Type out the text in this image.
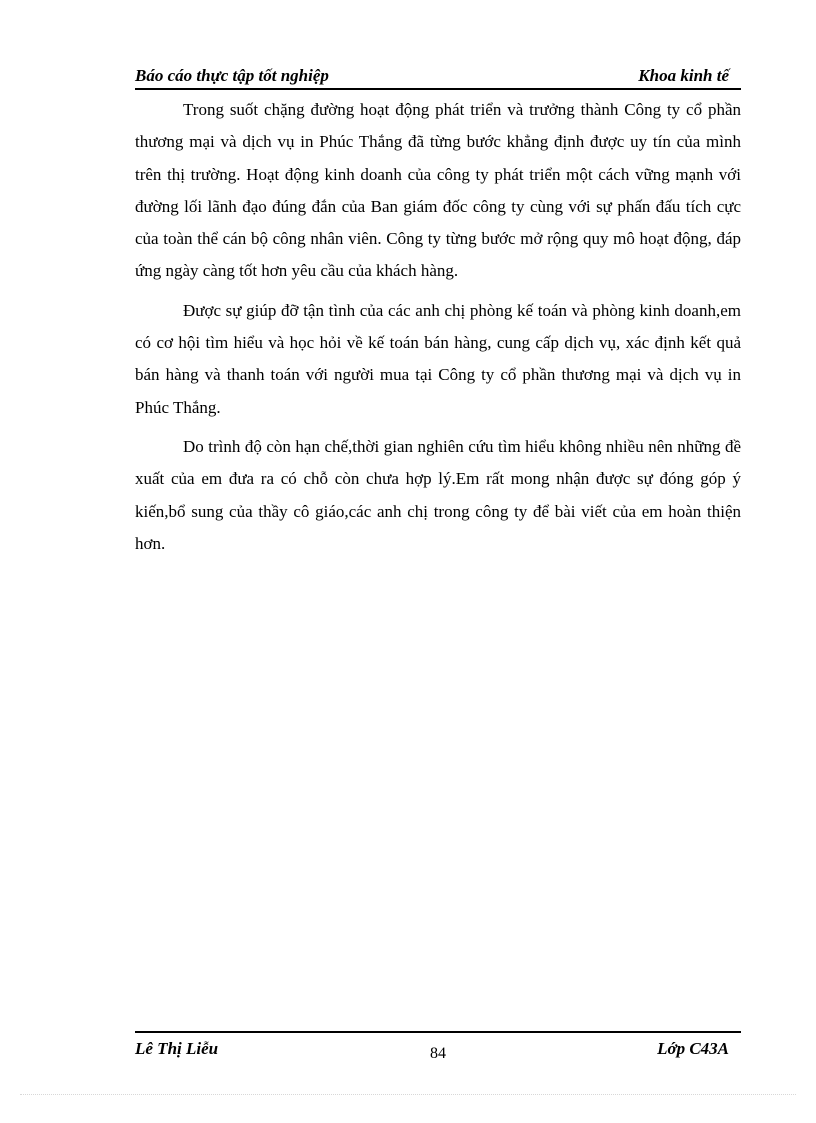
Báo cáo thực tập tốt nghiệp	Khoa kinh tế

Trong suốt chặng đường hoạt động phát triển và trưởng thành Công ty cổ phần thương mại và dịch vụ in Phúc Thắng đã từng bước khẳng định được uy tín của mình trên thị trường. Hoạt động kinh doanh của công ty phát triển một cách vững mạnh với đường lối lãnh đạo đúng đắn của Ban giám đốc công ty cùng với sự phấn đấu tích cực của toàn thể cán bộ công nhân viên. Công ty từng bước mở rộng quy mô hoạt động, đáp ứng ngày càng tốt hơn yêu cầu của khách hàng.

Được sự giúp đỡ tận tình của các anh chị phòng kế toán và phòng kinh doanh,em có cơ hội tìm hiểu và học hỏi về kế toán bán hàng, cung cấp dịch vụ, xác định kết quả bán hàng và thanh toán với người mua tại Công ty cổ phần thương mại và dịch vụ in Phúc Thắng.

Do trình độ còn hạn chế,thời gian nghiên cứu tìm hiểu không nhiều nên những đề xuất của em đưa ra có chỗ còn chưa hợp lý.Em rất mong nhận được sự đóng góp ý kiến,bổ sung của thầy cô giáo,các anh chị trong công ty để bài viết của em hoàn thiện hơn.

Lê Thị Liễu	84	Lớp C43A
